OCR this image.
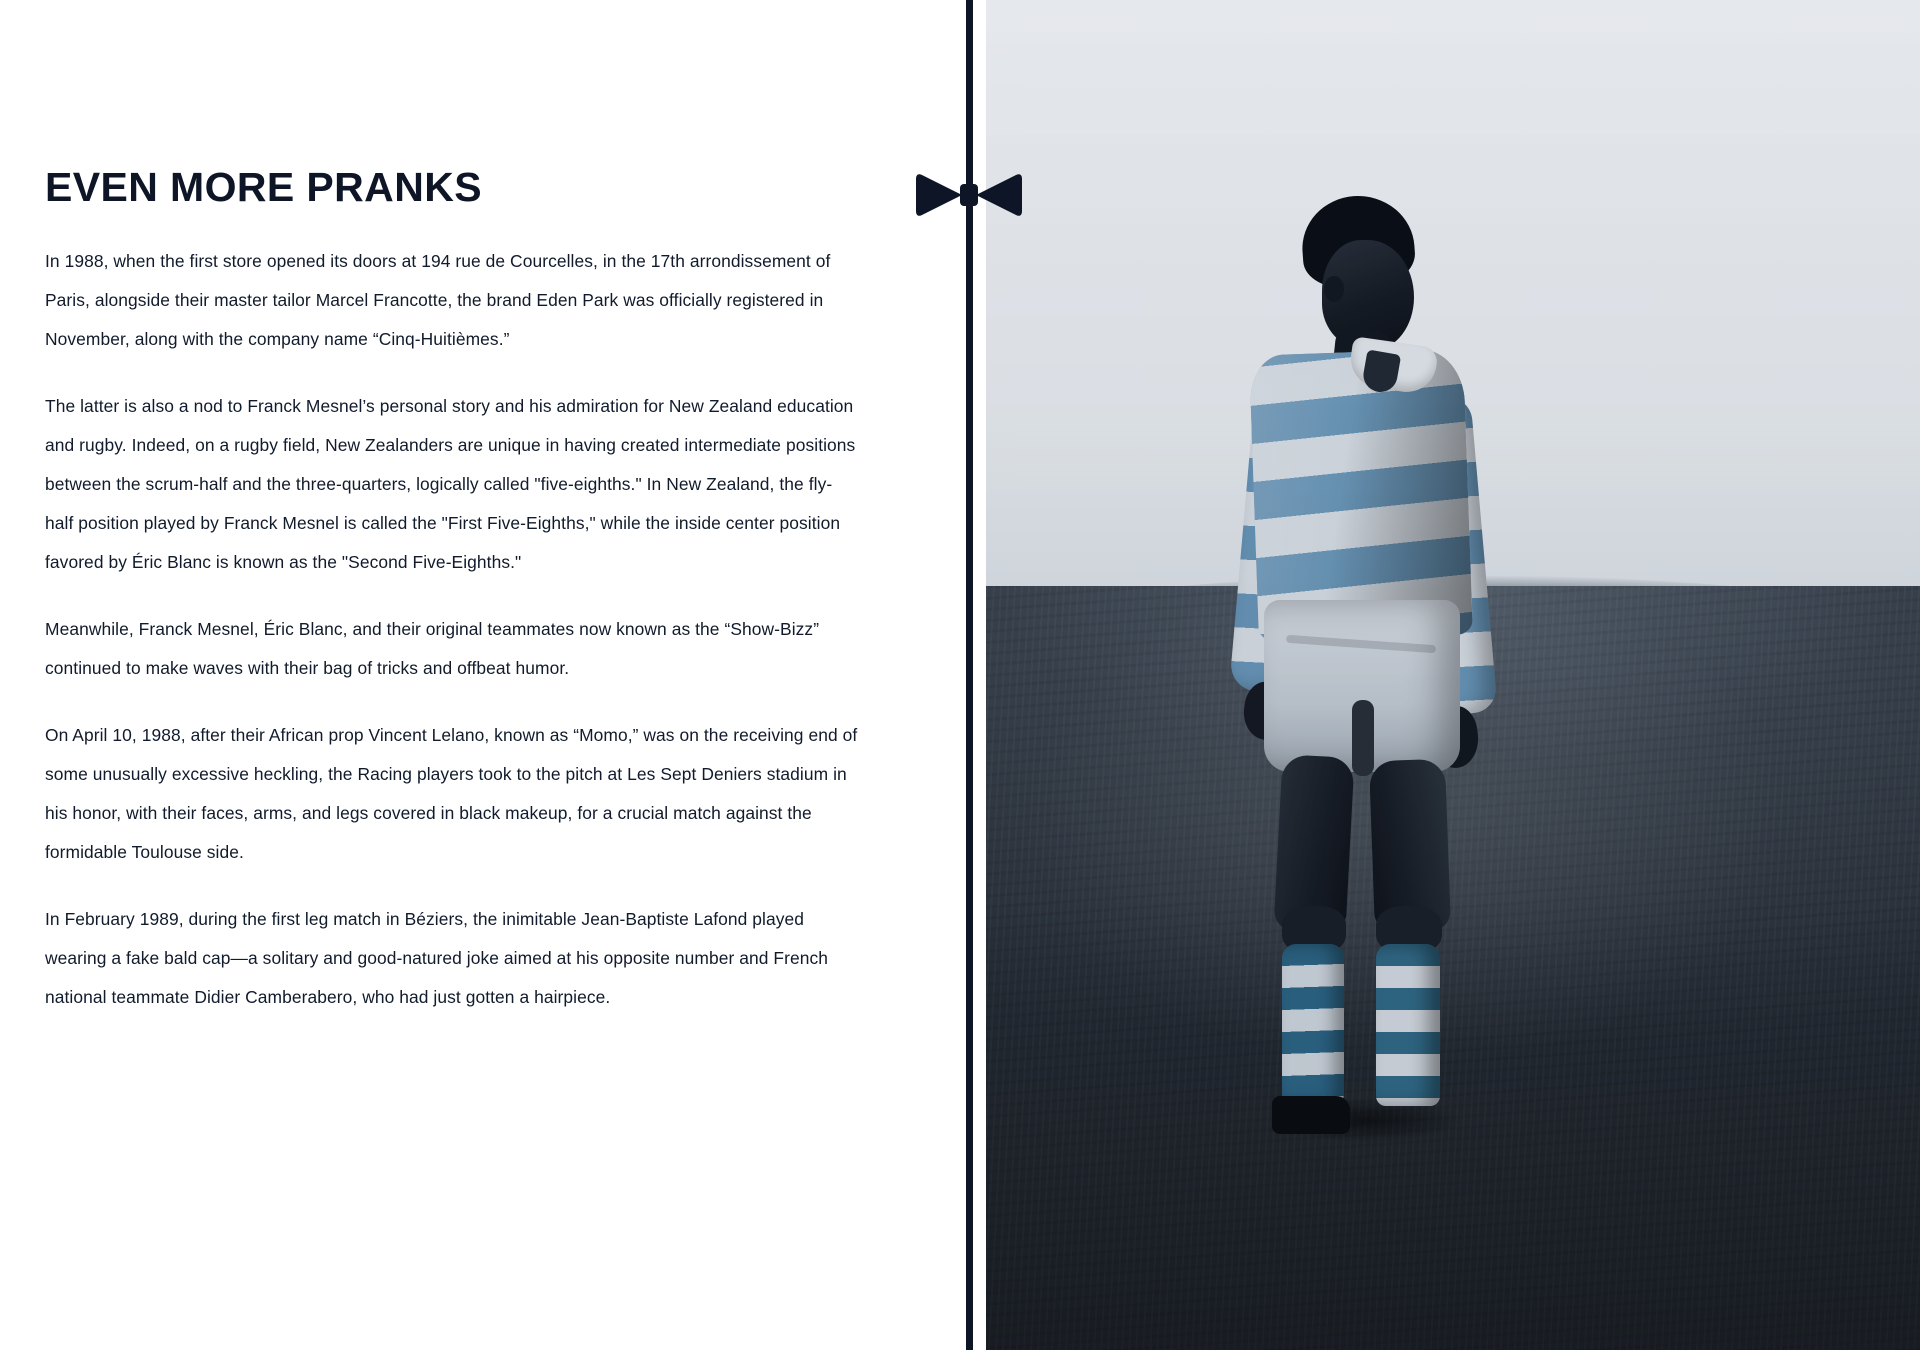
EVEN MORE PRANKS

In 1988, when the first store opened its doors at 194 rue de Courcelles, in the 17th arrondissement of Paris, alongside their master tailor Marcel Francotte, the brand Eden Park was officially registered in November, along with the company name “Cinq-Huitièmes.”

The latter is also a nod to Franck Mesnel’s personal story and his admiration for New Zealand education and rugby. Indeed, on a rugby field, New Zealanders are unique in having created intermediate positions between the scrum-half and the three-quarters, logically called "five-eighths." In New Zealand, the fly-half position played by Franck Mesnel is called the "First Five-Eighths," while the inside center position favored by Éric Blanc is known as the "Second Five-Eighths."

Meanwhile, Franck Mesnel, Éric Blanc, and their original teammates now known as the “Show-Bizz” continued to make waves with their bag of tricks and offbeat humor.

On April 10, 1988, after their African prop Vincent Lelano, known as “Momo,” was on the receiving end of some unusually excessive heckling, the Racing players took to the pitch at Les Sept Deniers stadium in his honor, with their faces, arms, and legs covered in black makeup, for a crucial match against the formidable Toulouse side.

In February 1989, during the first leg match in Béziers, the inimitable Jean-Baptiste Lafond played wearing a fake bald cap—a solitary and good-natured joke aimed at his opposite number and French national teammate Didier Camberabero, who had just gotten a hairpiece.
